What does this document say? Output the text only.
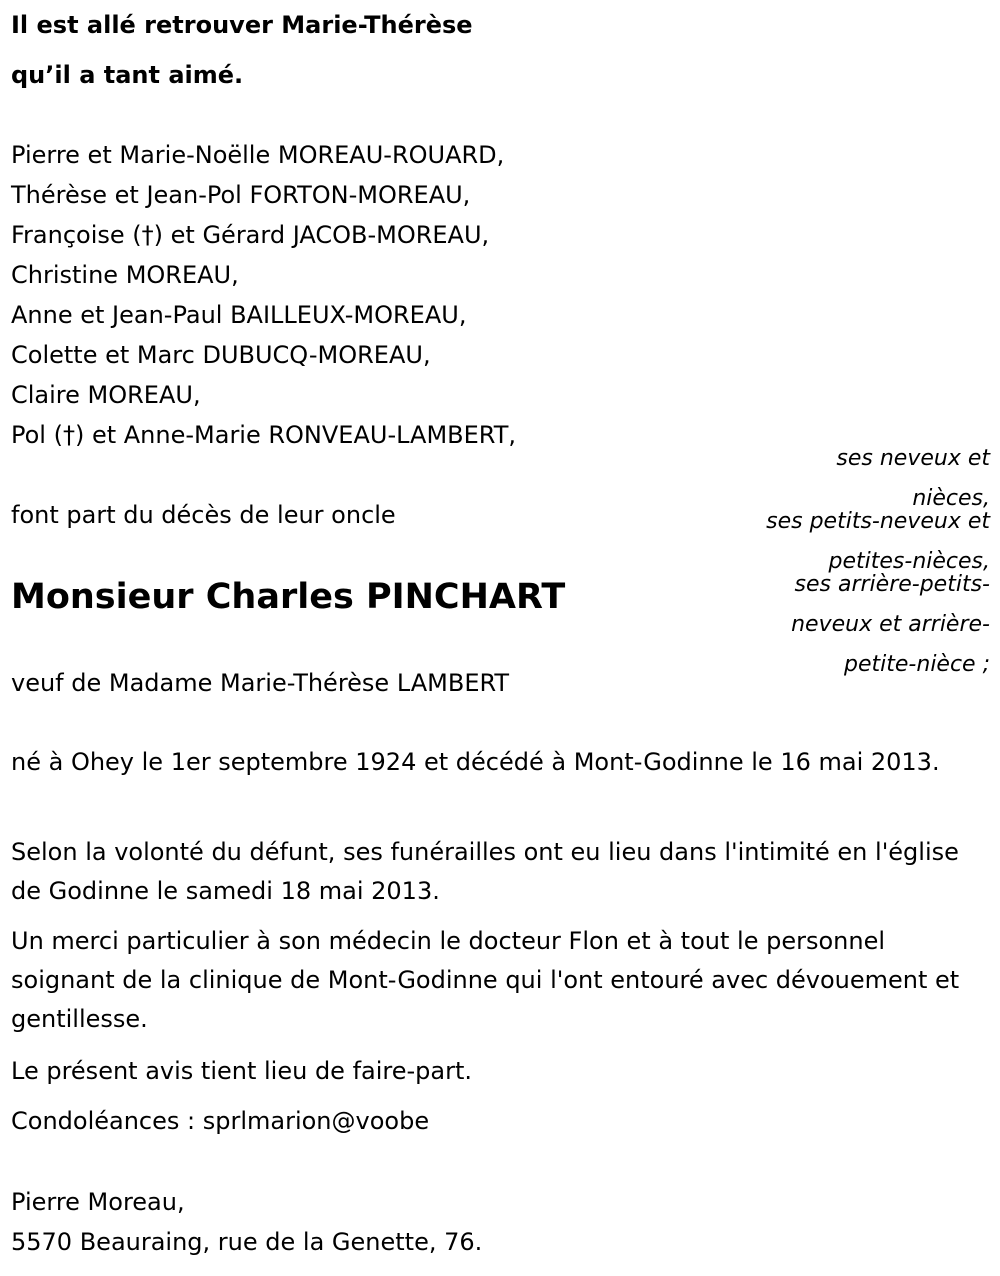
Il est allé retrouver Marie-Thérèse
qu’il a tant aimé.
Pierre et Marie-Noëlle MOREAU-ROUARD,
Thérèse et Jean-Pol FORTON-MOREAU,
Françoise (†) et Gérard JACOB-MOREAU,
Christine MOREAU,
Anne et Jean-Paul BAILLEUX-MOREAU,
Colette et Marc DUBUCQ-MOREAU,
Claire MOREAU,
Pol (†) et Anne-Marie RONVEAU-LAMBERT,
ses neveux et
nièces,
ses petits-neveux et
petites-nièces,
ses arrière-petits-
neveux et arrière-
petite-nièce ;
font part du décès de leur oncle
Monsieur Charles PINCHART
veuf de Madame Marie-Thérèse LAMBERT
né à Ohey le 1er septembre 1924 et décédé à Mont-Godinne le 16 mai 2013.
Selon la volonté du défunt, ses funérailles ont eu lieu dans l'intimité en l'église de Godinne le samedi 18 mai 2013.
Un merci particulier à son médecin le docteur Flon et à tout le personnel soignant de la clinique de Mont-Godinne qui l'ont entouré avec dévouement et gentillesse.
Le présent avis tient lieu de faire-part.
Condoléances : sprlmarion@voobe
Pierre Moreau,
5570 Beauraing, rue de la Genette, 76.
